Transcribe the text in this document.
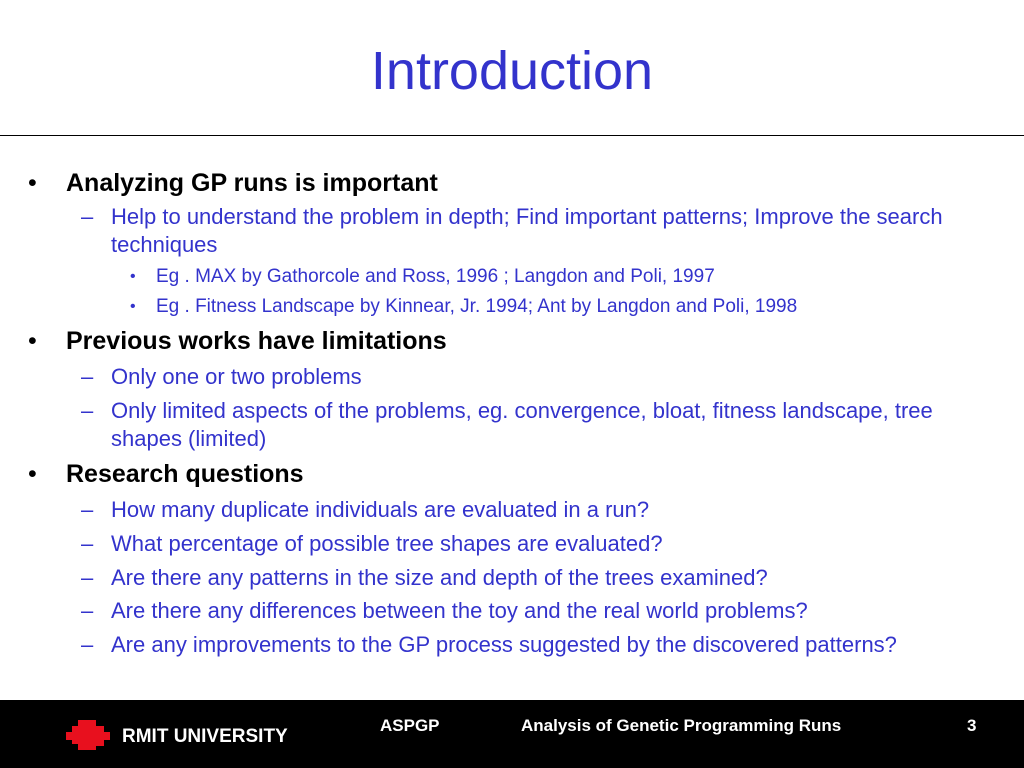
Introduction
• Analyzing GP runs is important
– Help to understand the problem in depth; Find important patterns; Improve the search techniques
• Eg . MAX by Gathorcole and Ross, 1996 ; Langdon and Poli, 1997
• Eg . Fitness Landscape by Kinnear, Jr. 1994; Ant by Langdon and Poli, 1998
• Previous works have limitations
– Only one or two problems
– Only limited aspects of the problems, eg. convergence, bloat, fitness landscape, tree shapes (limited)
• Research questions
– How many duplicate individuals are evaluated in a run?
– What percentage of possible tree shapes are evaluated?
– Are there any patterns in the size and depth of the trees examined?
– Are there any differences between the toy and the real world problems?
– Are any improvements to the GP process suggested by the discovered patterns?
RMIT UNIVERSITY
ASPGP	Analysis of Genetic Programming Runs	3
